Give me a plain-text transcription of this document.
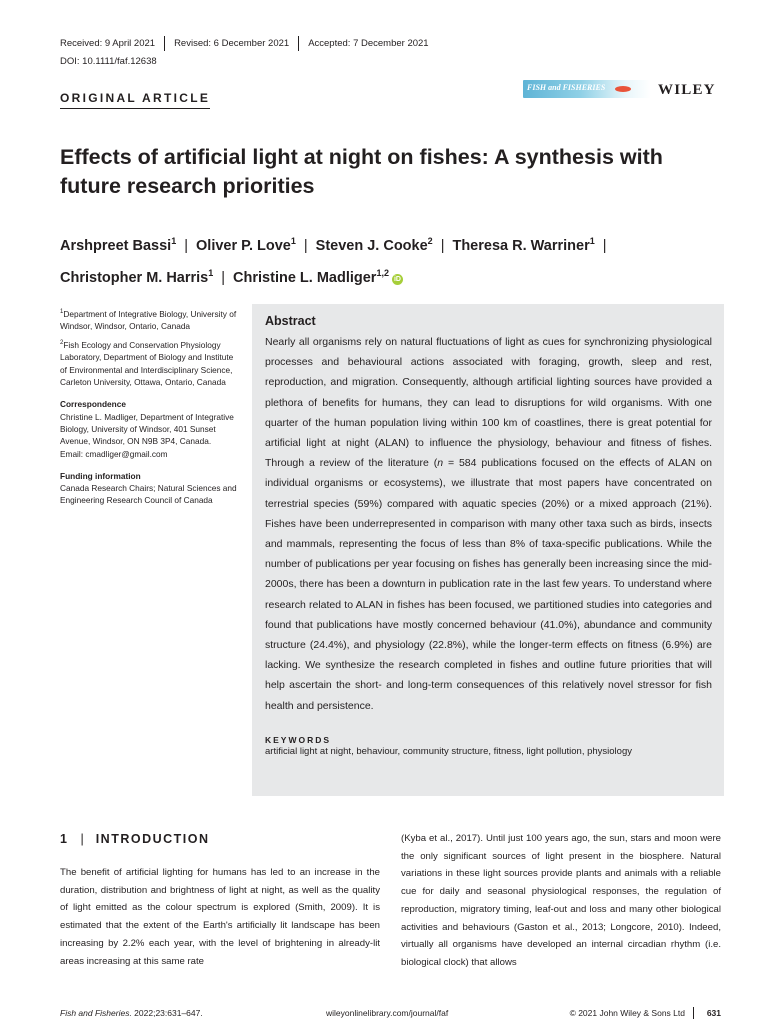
Received: 9 April 2021	Revised: 6 December 2021	Accepted: 7 December 2021
DOI: 10.1111/faf.12638
ORIGINAL ARTICLE
FISH and FISHERIES	WILEY
Effects of artificial light at night on fishes: A synthesis with future research priorities
Arshpreet Bassi$^1$ | Oliver P. Love$^1$ | Steven J. Cooke$^2$ | Theresa R. Warriner$^1$ |
Christopher M. Harris$^1$ | Christine L. Madliger$^{1,2}$iD

$^1$Department of Integrative Biology, University of Windsor, Windsor, Ontario, Canada

$^2$Fish Ecology and Conservation Physiology Laboratory, Department of Biology and Institute of Environmental and Interdisciplinary Science, Carleton University, Ottawa, Ontario, Canada

Correspondence

Christine L. Madliger, Department of Integrative Biology, University of Windsor, 401 Sunset Avenue, Windsor, ON N9B 3P4, Canada.
Email: cmadliger@gmail.com

Funding information

Canada Research Chairs; Natural Sciences and Engineering Research Council of Canada

Abstract

Nearly all organisms rely on natural fluctuations of light as cues for synchronizing physiological processes and behavioural actions associated with foraging, growth, sleep and rest, reproduction, and migration. Consequently, although artificial lighting sources have provided a plethora of benefits for humans, they can lead to disruptions for wild organisms. With one quarter of the human population living within 100 km of coastlines, there is great potential for artificial light at night (ALAN) to influence the physiology, behaviour and fitness of fishes. Through a review of the literature (n = 584 publications focused on the effects of ALAN on individual organisms or ecosystems), we illustrate that most papers have concentrated on terrestrial species (59%) compared with aquatic species (20%) or a mixed approach (21%). Fishes have been underrepresented in comparison with many other taxa such as birds, insects and mammals, representing the focus of less than 8% of taxa-specific publications. While the number of publications per year focusing on fishes has generally been increasing since the mid-2000s, there has been a downturn in publication rate in the last few years. To understand where research related to ALAN in fishes has been focused, we partitioned studies into categories and found that publications have mostly concerned behaviour (41.0%), abundance and community structure (24.4%), and physiology (22.8%), while the longer-term effects on fitness (6.9%) are lacking. We synthesize the research completed in fishes and outline future priorities that will help ascertain the short- and long-term consequences of this relatively novel stressor for fish health and persistence.

KEYWORDS
artificial light at night, behaviour, community structure, fitness, light pollution, physiology
1 | INTRODUCTION

The benefit of artificial lighting for humans has led to an increase in the duration, distribution and brightness of light at night, as well as the quality of light emitted as the colour spectrum is explored (Smith, 2009). It is estimated that the extent of the Earth's artificially lit landscape has been increasing by 2.2% each year, with the level of brightening in already-lit areas increasing at this same rate

(Kyba et al., 2017). Until just 100 years ago, the sun, stars and moon were the only significant sources of light present in the biosphere. Natural variations in these light sources provide plants and animals with a reliable cue for daily and seasonal physiological responses, the regulation of reproduction, migratory timing, leaf-out and loss and many other biological activities and behaviours (Gaston et al., 2013; Longcore, 2010). Indeed, virtually all organisms have developed an internal circadian rhythm (i.e. biological clock) that allows

Fish and Fisheries. 2022;23:631–647.	wileyonlinelibrary.com/journal/faf	© 2021 John Wiley & Sons Ltd	631
